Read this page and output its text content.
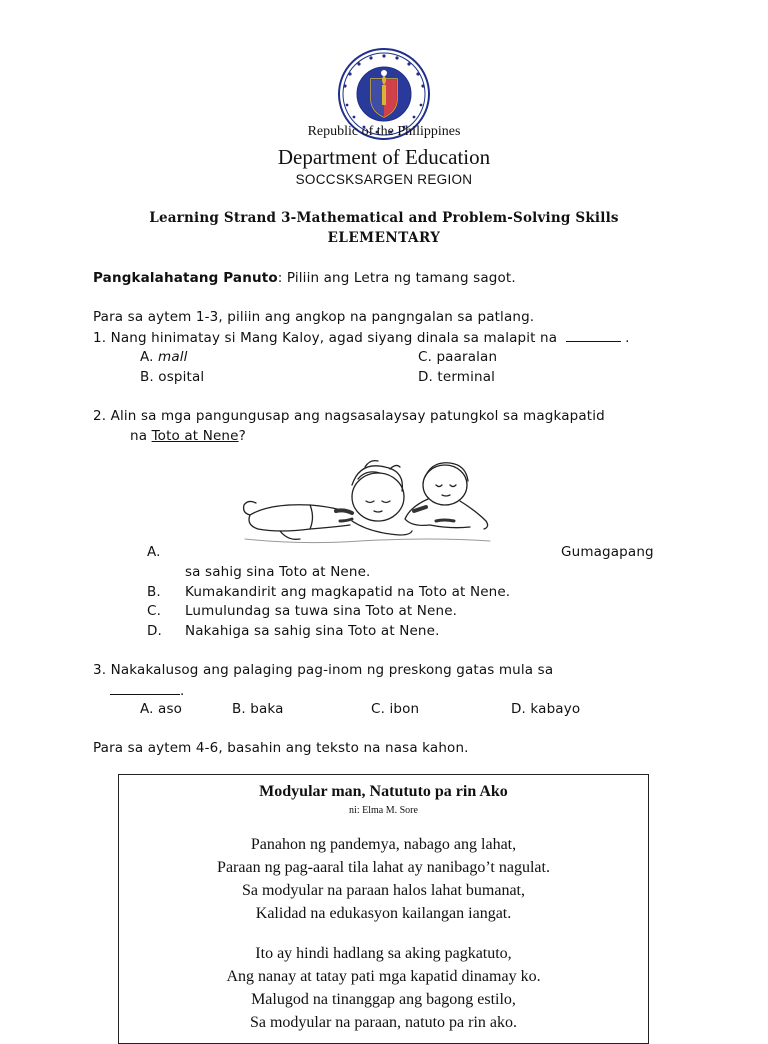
Republic of the Philippines
Department of Education
SOCCSKSARGEN REGION
Learning Strand 3-Mathematical and Problem-Solving Skills
ELEMENTARY
Pangkalahatang Panuto: Piliin ang Letra ng tamang sagot.
Para sa aytem 1-3, piliin ang angkop na pangngalan sa patlang.
1. Nang hinimatay si Mang Kaloy, agad siyang dinala sa malapit na	.
A. mall	C. paaralan
B. ospital	D. terminal
2. Alin sa mga pangungusap ang nagsasalaysay patungkol sa magkapatid
na Toto at Nene?
A.	Gumagapang
sa sahig sina Toto at Nene.
B. Kumakandirit ang magkapatid na Toto at Nene.
C. Lumulundag sa tuwa sina Toto at Nene.
D. Nakahiga sa sahig sina Toto at Nene.
3. Nakakalusog ang palaging pag-inom ng preskong gatas mula sa
.
A. aso	B. baka	C. ibon	D. kabayo
Para sa aytem 4-6, basahin ang teksto na nasa kahon.
Modyular man, Natututo pa rin Ako
ni: Elma M. Sore
Panahon ng pandemya, nabago ang lahat,
Paraan ng pag-aaral tila lahat ay nanibago’t nagulat.
Sa modyular na paraan halos lahat bumanat,
Kalidad na edukasyon kailangan iangat.
Ito ay hindi hadlang sa aking pagkatuto,
Ang nanay at tatay pati mga kapatid dinamay ko.
Malugod na tinanggap ang bagong estilo,
Sa modyular na paraan, natuto pa rin ako.
